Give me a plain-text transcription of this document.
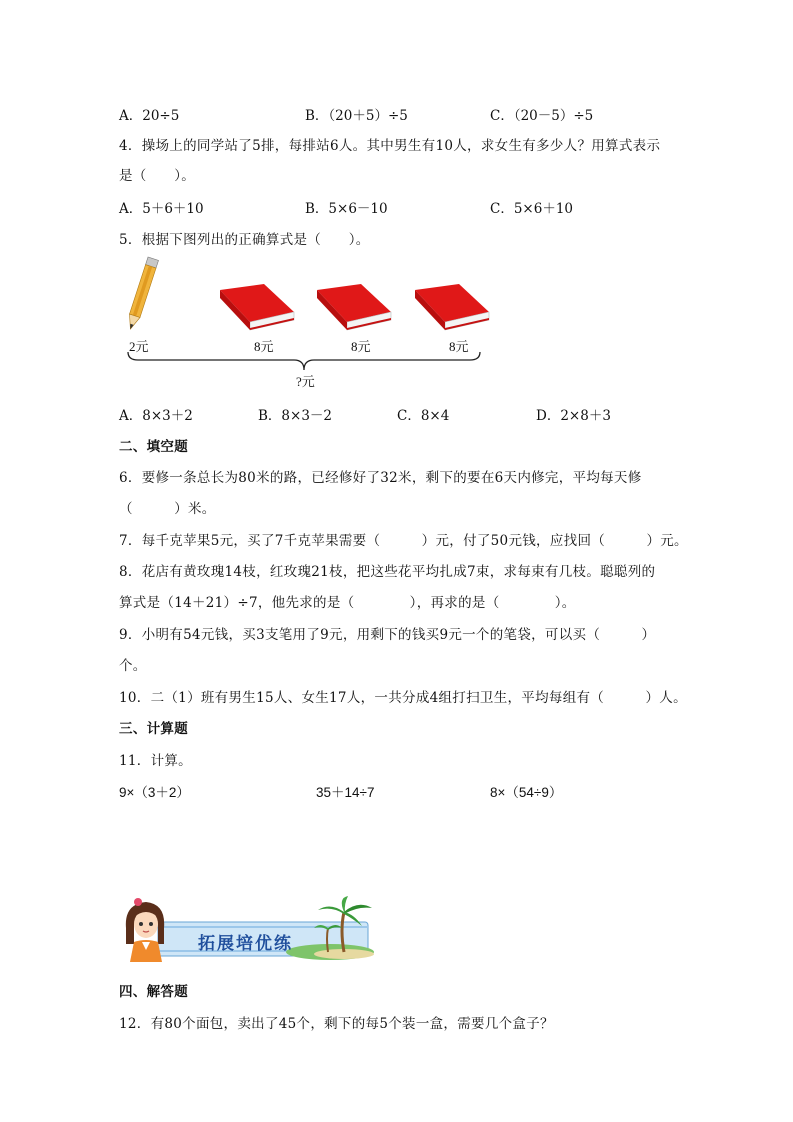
A．20÷5	B．（20＋5）÷5	C．（20－5）÷5
4．操场上的同学站了5排，每排站6人。其中男生有10人，求女生有多少人？用算式表示
是（　　）。
A．5＋6＋10	B．5×6－10	C．5×6＋10
5．根据下图列出的正确算式是（　　）。
2元	8元	8元	8元
?元
A．8×3＋2	B．8×3－2	C．8×4	D．2×8＋3
二、填空题
6．要修一条总长为80米的路，已经修好了32米，剩下的要在6天内修完，平均每天修
（　　　）米。
7．每千克苹果5元，买了7千克苹果需要（　　　）元，付了50元钱，应找回（　　　）元。
8．花店有黄玫瑰14枝，红玫瑰21枝，把这些花平均扎成7束，求每束有几枝。聪聪列的
算式是（14＋21）÷7，他先求的是（　　　　），再求的是（　　　　）。
9．小明有54元钱，买3支笔用了9元，用剩下的钱买9元一个的笔袋，可以买（　　　）
个。
10．二（1）班有男生15人、女生17人，一共分成4组打扫卫生，平均每组有（　　　）人。
三、计算题
11．计算。
9×（3＋2）	35＋14÷7	8×（54÷9）
拓展培优练
四、解答题
12．有80个面包，卖出了45个，剩下的每5个装一盒，需要几个盒子？
